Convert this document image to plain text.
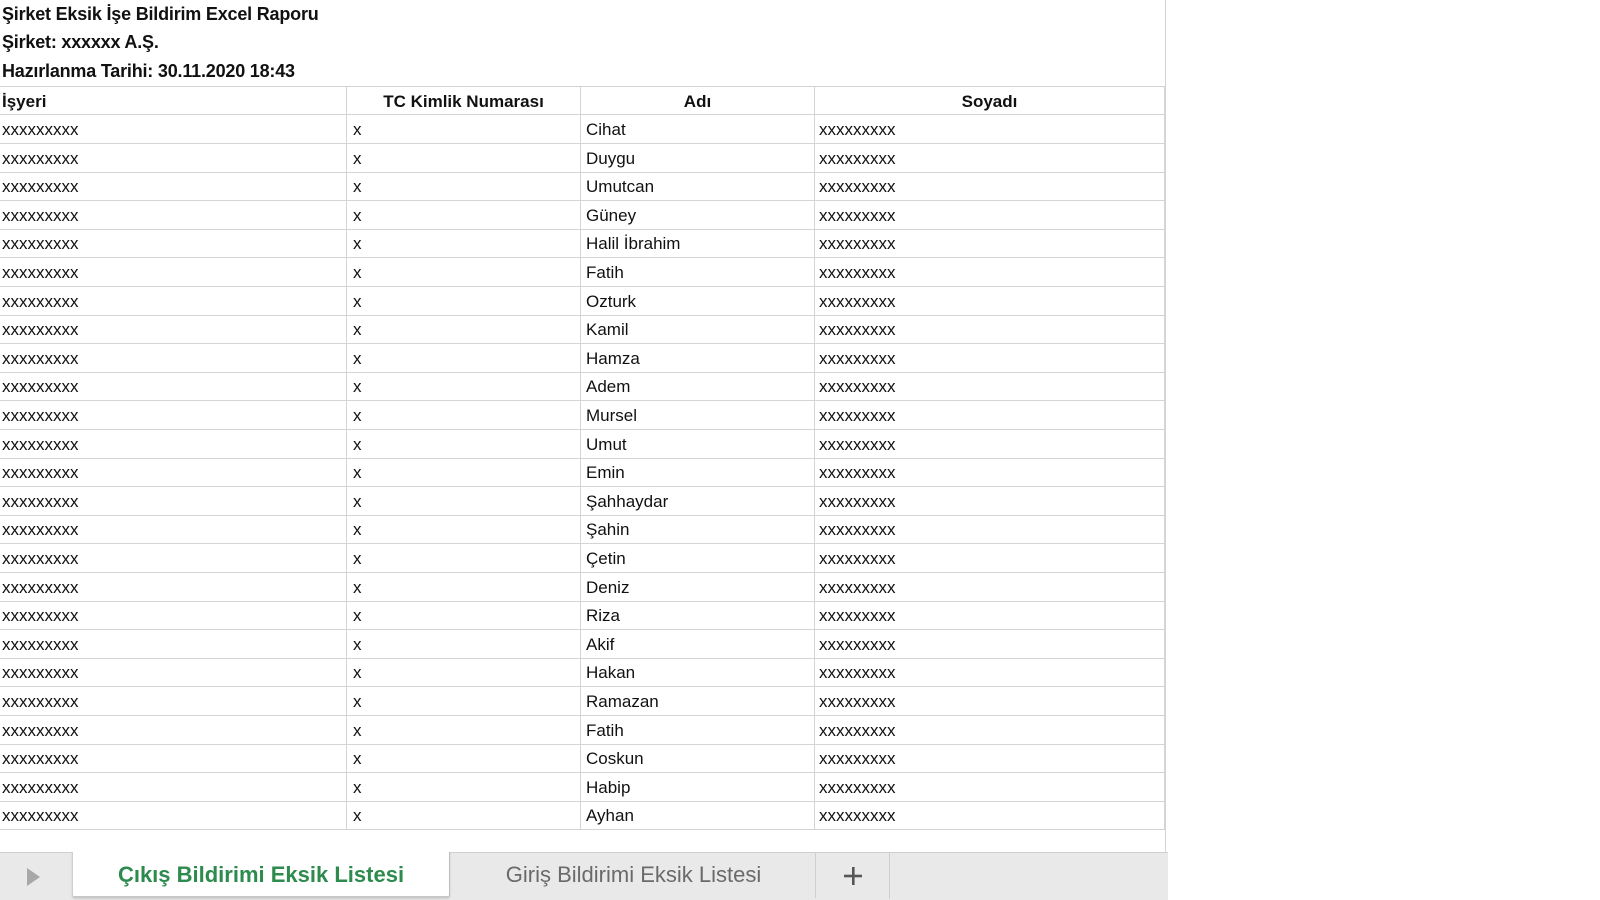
Şirket Eksik İşe Bildirim Excel Raporu
Şirket: xxxxxx A.Ş.
Hazırlanma Tarihi: 30.11.2020 18:43
İşyeri	TC Kimlik Numarası	Adı	Soyadı
xxxxxxxxx	x	Cihat	xxxxxxxxx
xxxxxxxxx	x	Duygu	xxxxxxxxx
xxxxxxxxx	x	Umutcan	xxxxxxxxx
xxxxxxxxx	x	Güney	xxxxxxxxx
xxxxxxxxx	x	Halil İbrahim	xxxxxxxxx
xxxxxxxxx	x	Fatih	xxxxxxxxx
xxxxxxxxx	x	Ozturk	xxxxxxxxx
xxxxxxxxx	x	Kamil	xxxxxxxxx
xxxxxxxxx	x	Hamza	xxxxxxxxx
xxxxxxxxx	x	Adem	xxxxxxxxx
xxxxxxxxx	x	Mursel	xxxxxxxxx
xxxxxxxxx	x	Umut	xxxxxxxxx
xxxxxxxxx	x	Emin	xxxxxxxxx
xxxxxxxxx	x	Şahhaydar	xxxxxxxxx
xxxxxxxxx	x	Şahin	xxxxxxxxx
xxxxxxxxx	x	Çetin	xxxxxxxxx
xxxxxxxxx	x	Deniz	xxxxxxxxx
xxxxxxxxx	x	Riza	xxxxxxxxx
xxxxxxxxx	x	Akif	xxxxxxxxx
xxxxxxxxx	x	Hakan	xxxxxxxxx
xxxxxxxxx	x	Ramazan	xxxxxxxxx
xxxxxxxxx	x	Fatih	xxxxxxxxx
xxxxxxxxx	x	Coskun	xxxxxxxxx
xxxxxxxxx	x	Habip	xxxxxxxxx
xxxxxxxxx	x	Ayhan	xxxxxxxxx
Çıkış Bildirimi Eksik Listesi	Giriş Bildirimi Eksik Listesi
